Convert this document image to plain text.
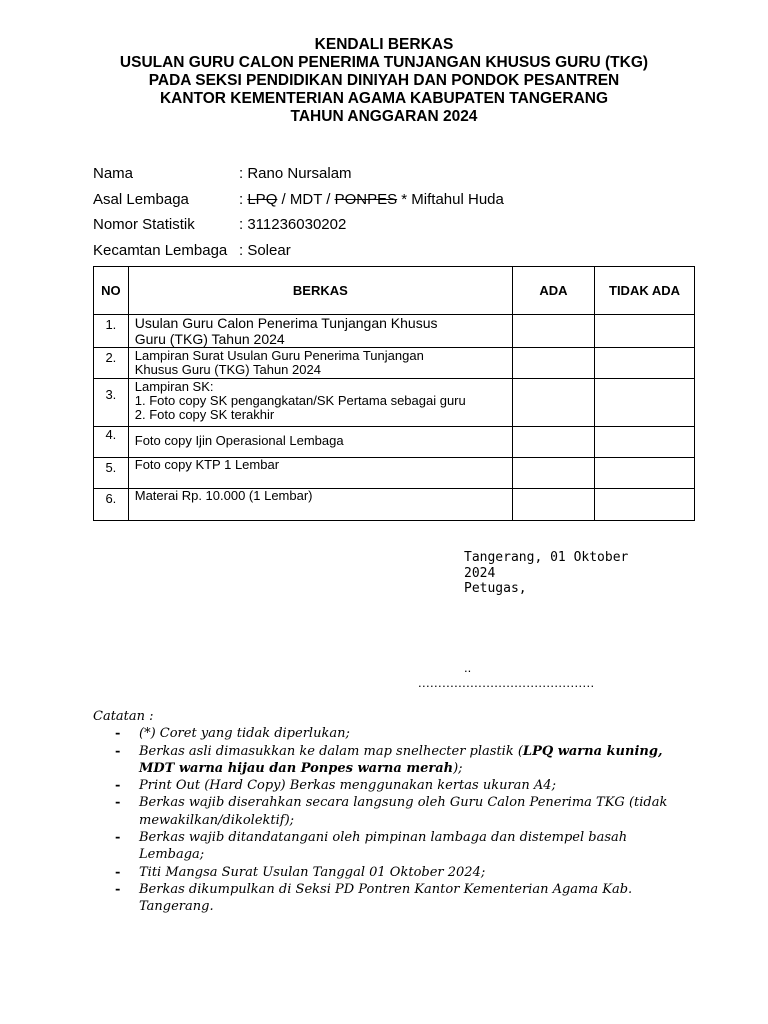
KENDALI BERKAS
USULAN GURU CALON PENERIMA TUNJANGAN KHUSUS GURU (TKG)
PADA SEKSI PENDIDIKAN DINIYAH DAN PONDOK PESANTREN
KANTOR KEMENTERIAN AGAMA KABUPATEN TANGERANG
TAHUN ANGGARAN 2024
Nama	: Rano Nursalam
Asal Lembaga	: LPQ / MDT / PONPES * Miftahul Huda
Nomor Statistik	: 311236030202
Kecamtan Lembaga : Solear
NO	BERKAS	ADA	TIDAK ADA
1.	Usulan Guru Calon Penerima Tunjangan Khusus
Guru (TKG) Tahun 2024		

2.	Lampiran Surat Usulan Guru Penerima Tunjangan
Khusus Guru (TKG) Tahun 2024		

3.	Lampiran SK:
1. Foto copy SK pengangkatan/SK Pertama sebagai guru
2. Foto copy SK terakhir		

4.	Foto copy Ijin Operasional Lembaga		
5.	Foto copy KTP 1 Lembar		
6.	Materai Rp. 10.000 (1 Lembar)		
Tangerang, 01 Oktober
2024
Petugas,
..
............................................
Catatan :
- (*) Coret yang tidak diperlukan;
- Berkas asli dimasukkan ke dalam map snelhecter plastik (LPQ warna kuning,
MDT warna hijau dan Ponpes warna merah);
- Print Out (Hard Copy) Berkas menggunakan kertas ukuran A4;
- Berkas wajib diserahkan secara langsung oleh Guru Calon Penerima TKG (tidak
mewakilkan/dikolektif);
- Berkas wajib ditandatangani oleh pimpinan lambaga dan distempel basah
Lembaga;
- Titi Mangsa Surat Usulan Tanggal 01 Oktober 2024;
- Berkas dikumpulkan di Seksi PD Pontren Kantor Kementerian Agama Kab.
Tangerang.
